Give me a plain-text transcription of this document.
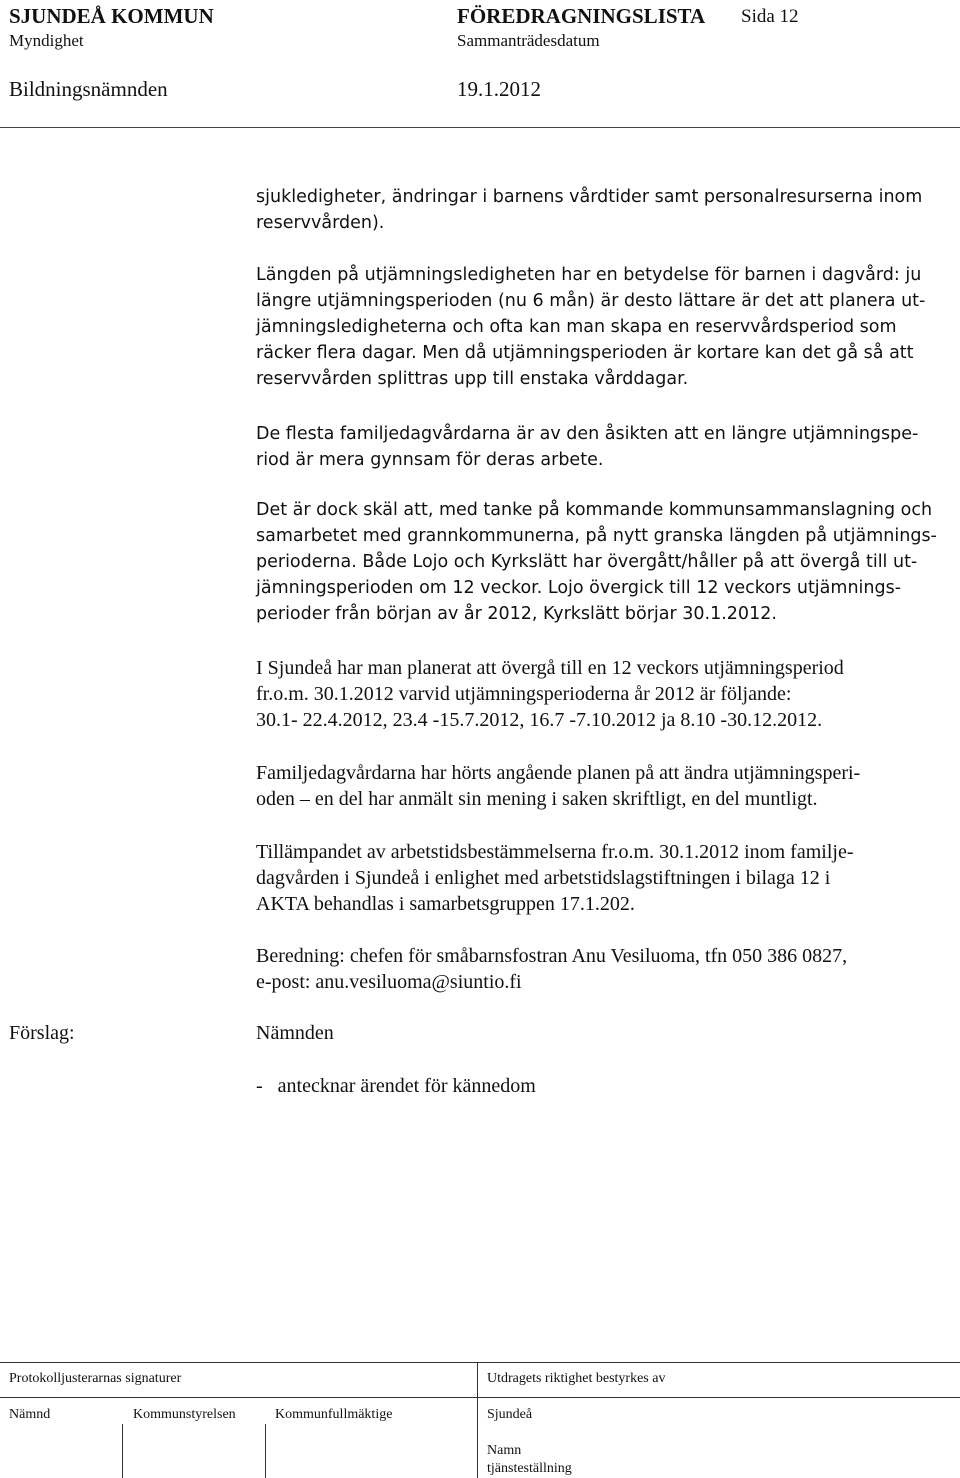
SJUNDEÅ KOMMUN	FÖREDRAGNINGSLISTA Sida 12
Myndighet	Sammanträdesdatum
Bildningsnämnden	19.1.2012
sjukledigheter, ändringar i barnens vårdtider samt personalresurserna inom
reservvården).
Längden på utjämningsledigheten har en betydelse för barnen i dagvård: ju
längre utjämningsperioden (nu 6 mån) är desto lättare är det att planera ut-
jämningsledigheterna och ofta kan man skapa en reservvårdsperiod som
räcker flera dagar. Men då utjämningsperioden är kortare kan det gå så att
reservvården splittras upp till enstaka vårddagar.
De flesta familjedagvårdarna är av den åsikten att en längre utjämningspe-
riod är mera gynnsam för deras arbete.
Det är dock skäl att, med tanke på kommande kommunsammanslagning och
samarbetet med grannkommunerna, på nytt granska längden på utjämnings-
perioderna. Både Lojo och Kyrkslätt har övergått/håller på att övergå till ut-
jämningsperioden om 12 veckor. Lojo övergick till 12 veckors utjämnings-
perioder från början av år 2012, Kyrkslätt börjar 30.1.2012.
I Sjundeå har man planerat att övergå till en 12 veckors utjämningsperiod
fr.o.m. 30.1.2012 varvid utjämningsperioderna år 2012 är följande:
30.1- 22.4.2012, 23.4 -15.7.2012, 16.7 -7.10.2012 ja 8.10 -30.12.2012.
Familjedagvårdarna har hörts angående planen på att ändra utjämningsperi-
oden – en del har anmält sin mening i saken skriftligt, en del muntligt.
Tillämpandet av arbetstidsbestämmelserna fr.o.m. 30.1.2012 inom familje-
dagvården i Sjundeå i enlighet med arbetstidslagstiftningen i bilaga 12 i
AKTA behandlas i samarbetsgruppen 17.1.202.
Beredning: chefen för småbarnsfostran Anu Vesiluoma, tfn 050 386 0827,
e-post: anu.vesiluoma@siuntio.fi
Förslag:	Nämnden
-   antecknar ärendet för kännedom
Protokolljusterarnas signaturer	Utdragets riktighet bestyrkes av
Nämnd	Kommunstyrelsen	Kommunfullmäktige	Sjundeå
Namn
tjänsteställning
